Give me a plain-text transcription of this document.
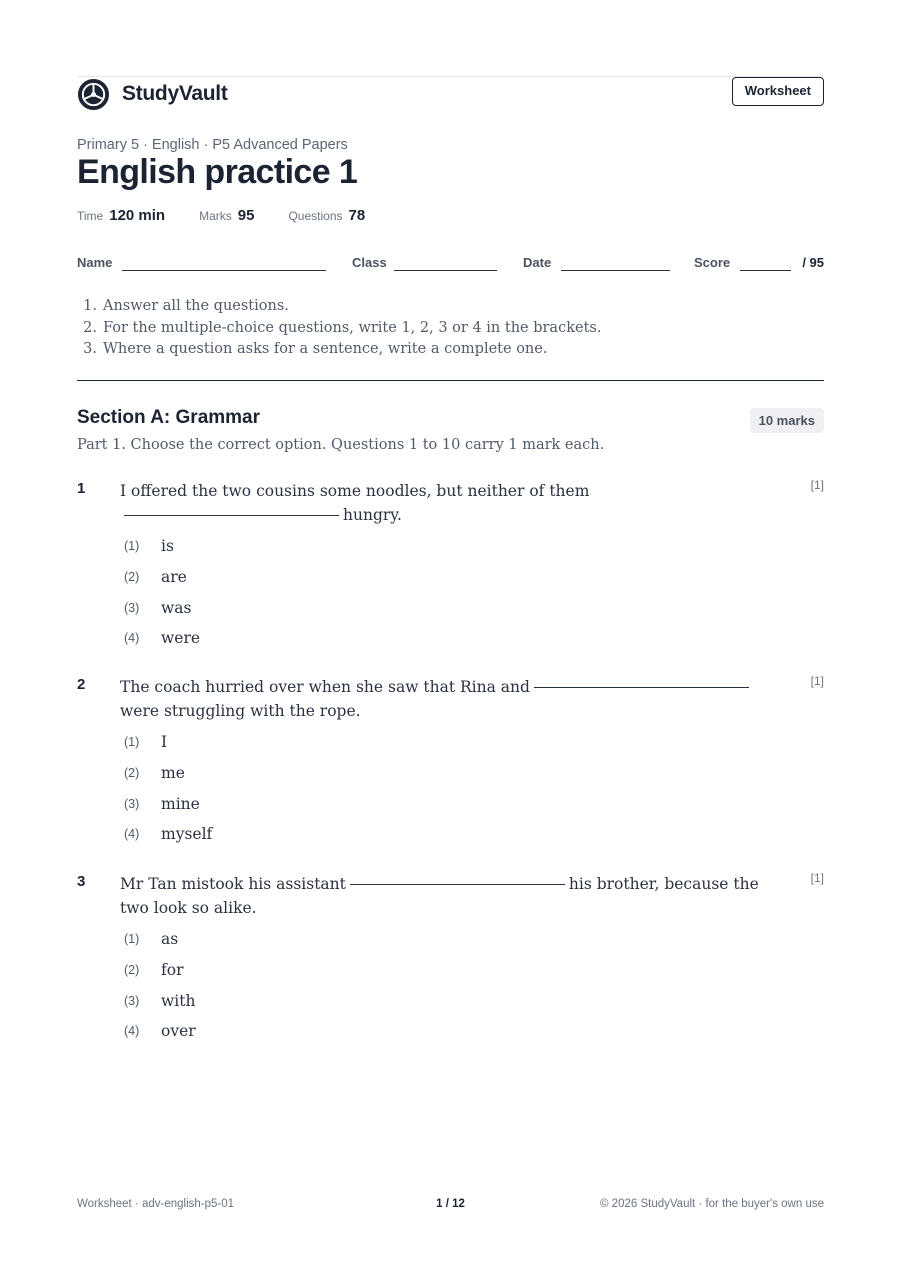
StudyVault	Worksheet
Primary 5 · English · P5 Advanced Papers
English practice 1
Time 120 min	Marks 95	Questions 78
Name	Class	Date	Score	/ 95
1. Answer all the questions.
2. For the multiple-choice questions, write 1, 2, 3 or 4 in the brackets.
3. Where a question asks for a sentence, write a complete one.
Section A: Grammar	10 marks
Part 1. Choose the correct option. Questions 1 to 10 carry 1 mark each.
1 I offered the two cousins some noodles, but neither of them
hungry.
[1]
(1)	is
(2)	are
(3)	was
(4)	were
2 The coach hurried over when she saw that Rina and
were struggling with the rope.
[1]
(1)	I
(2)	me
(3)	mine
(4)	myself
3 Mr Tan mistook his assistant	his brother, because the two look so alike.
[1]
(1)	as
(2)	for
(3)	with
(4)	over
Worksheet · adv-english-p5-01	1 / 12	© 2026 StudyVault · for the buyer's own use
